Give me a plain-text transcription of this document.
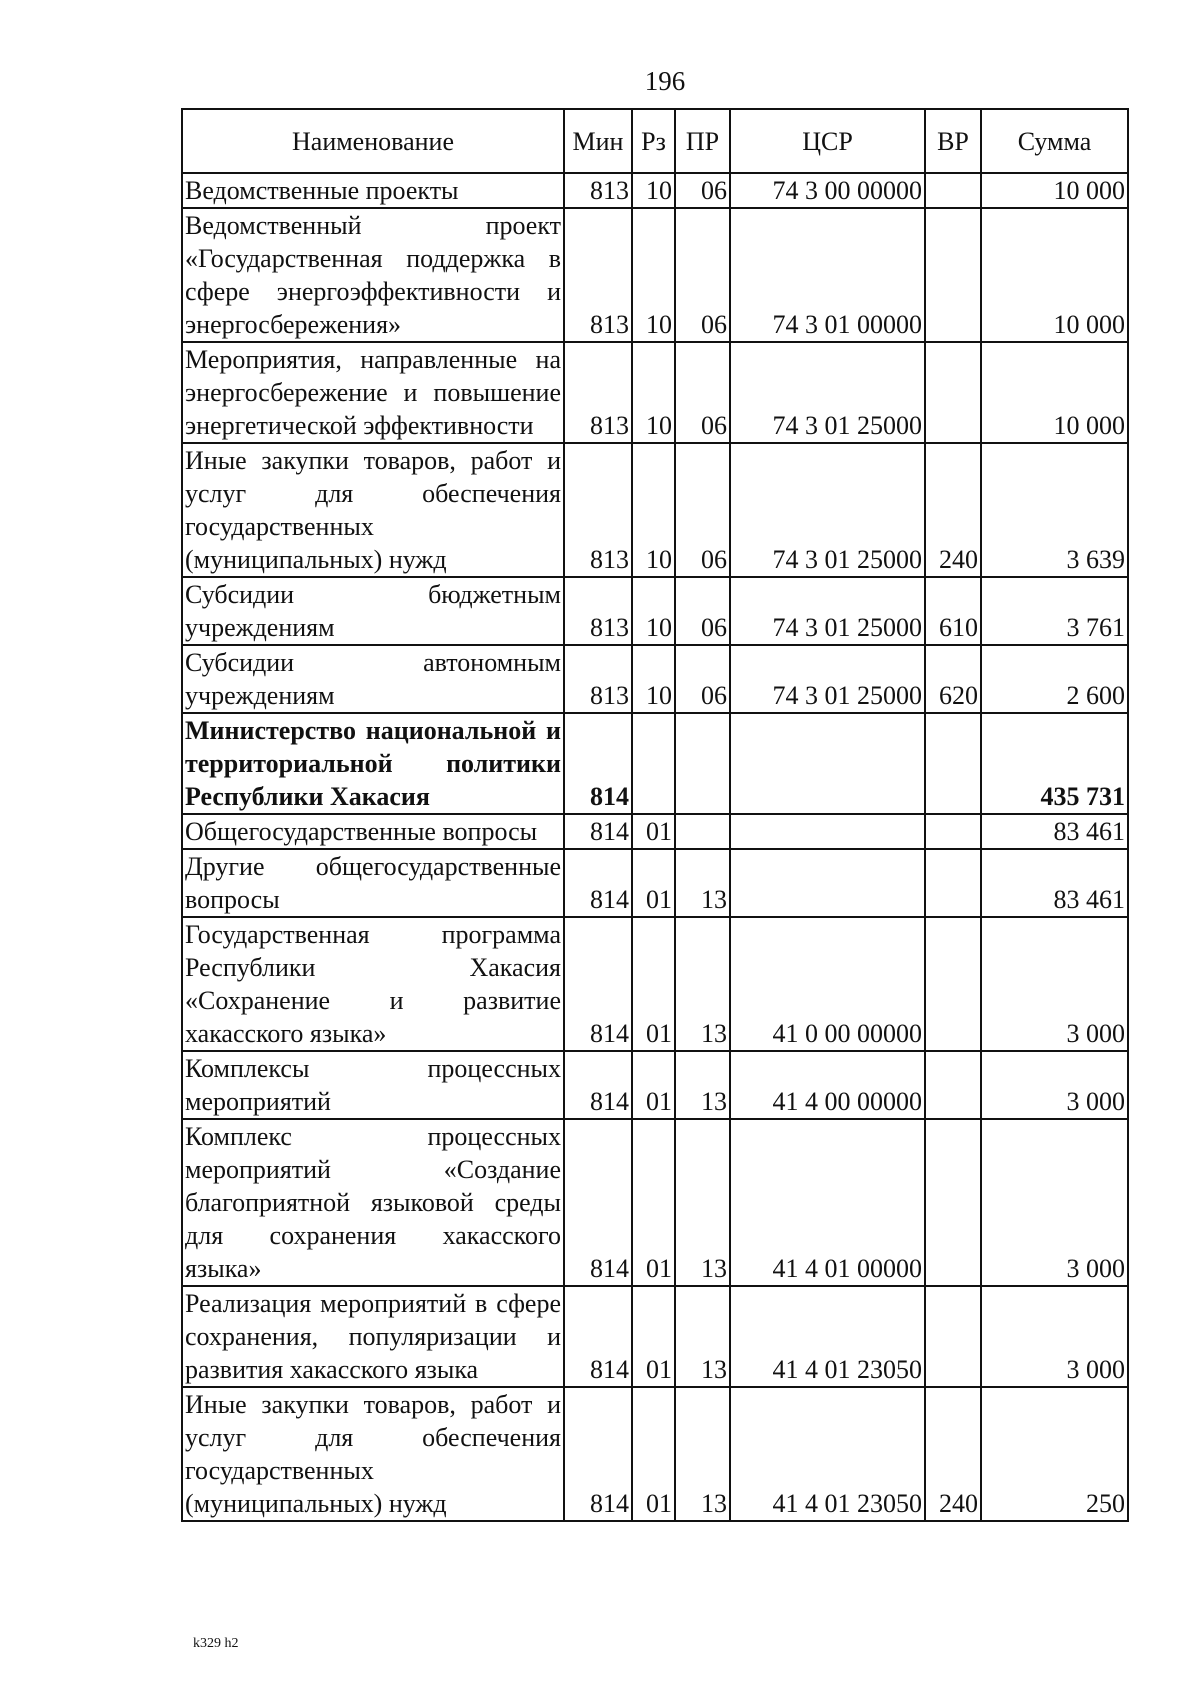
196
Наименование	Мин	Рз	ПР	ЦСР	ВР	Сумма
Ведомственные проекты	813	10	06	74 3 00 00000		10 000
Ведомственный проект «Государственная поддержка в сфере энергоэффективности и энергосбережения»	813	10	06	74 3 01 00000		10 000
Мероприятия, направленные на энергосбережение и повышение энергетической эффективности	813	10	06	74 3 01 25000		10 000
Иные закупки товаров, работ и услуг для обеспечения государственных (муниципальных) нужд	813	10	06	74 3 01 25000	240	3 639
Субсидии бюджетным учреждениям	813	10	06	74 3 01 25000	610	3 761
Субсидии автономным учреждениям	813	10	06	74 3 01 25000	620	2 600
Министерство национальной и территориальной политики Республики Хакасия	814					435 731
Общегосударственные вопросы	814	01				83 461
Другие общегосударственные вопросы	814	01	13			83 461
Государственная программа Республики Хакасия «Сохранение и развитие хакасского языка»	814	01	13	41 0 00 00000		3 000
Комплексы процессных мероприятий	814	01	13	41 4 00 00000		3 000
Комплекс процессных мероприятий «Создание благоприятной языковой среды для сохранения хакасского языка»	814	01	13	41 4 01 00000		3 000
Реализация мероприятий в сфере сохранения, популяризации и развития хакасского языка	814	01	13	41 4 01 23050		3 000
Иные закупки товаров, работ и услуг для обеспечения государственных (муниципальных) нужд	814	01	13	41 4 01 23050	240	250
k329 h2
